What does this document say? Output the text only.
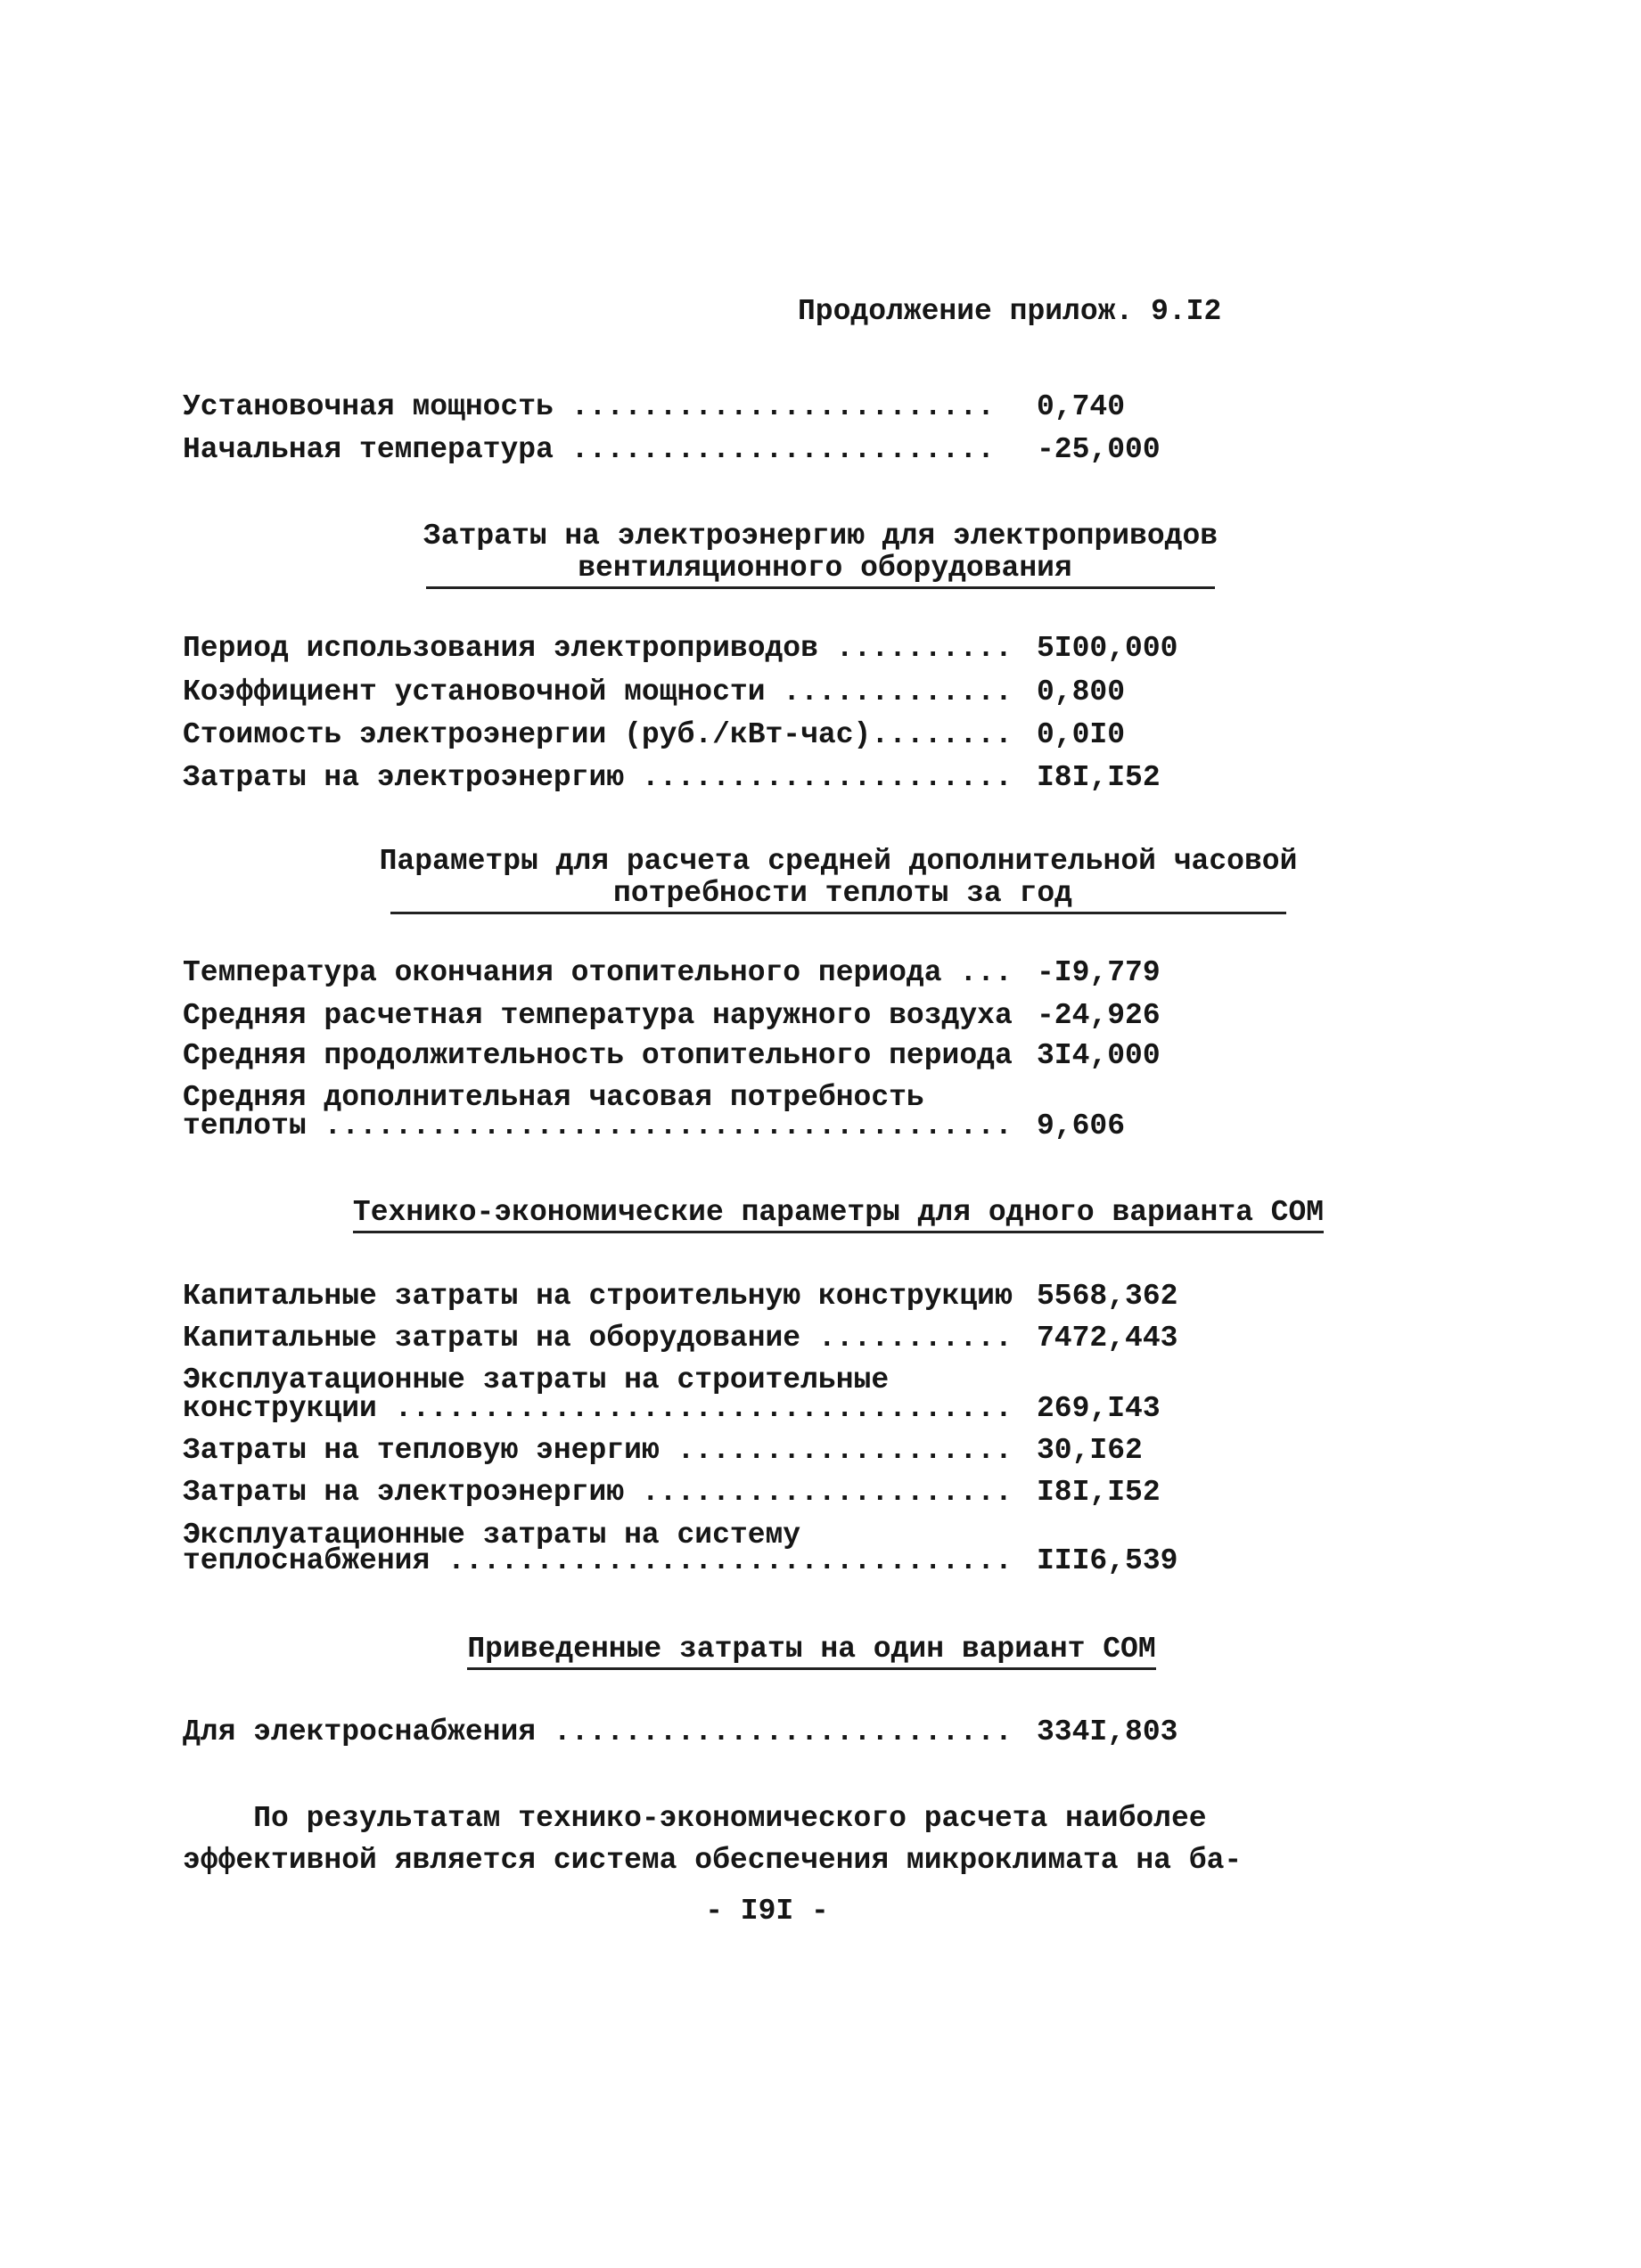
Продолжение прилож. 9.I2
Установочная мощность ........................ 0,740
Начальная температура ........................ -25,000
Затраты на электроэнергию для электроприводов
вентиляционного оборудования
Период использования электроприводов .......... 5I00,000
Коэффициент установочной мощности ............. 0,800
Стоимость электроэнергии (руб./кВт-час)........ 0,0I0
Затраты на электроэнергию ..................... I8I,I52
Параметры для расчета средней дополнительной часовой
потребности теплоты за год
Температура окончания отопительного периода ... -I9,779
Средняя расчетная температура наружного воздуха -24,926
Средняя продолжительность отопительного периода 3I4,000
Средняя дополнительная часовая потребность
теплоты ....................................... 9,606
Технико-экономические параметры для одного варианта СОМ
Капитальные затраты на строительную конструкцию 5568,362
Капитальные затраты на оборудование ........... 7472,443
Эксплуатационные затраты на строительные
конструкции ................................... 269,I43
Затраты на тепловую энергию ................... 30,I62
Затраты на электроэнергию ..................... I8I,I52
Эксплуатационные затраты на систему
теплоснабжения ................................ III6,539
Приведенные затраты на один вариант СОМ
Для электроснабжения .......................... 334I,803
По результатам технико-экономического расчета наиболее
эффективной является система обеспечения микроклимата на ба-
- I9I -
